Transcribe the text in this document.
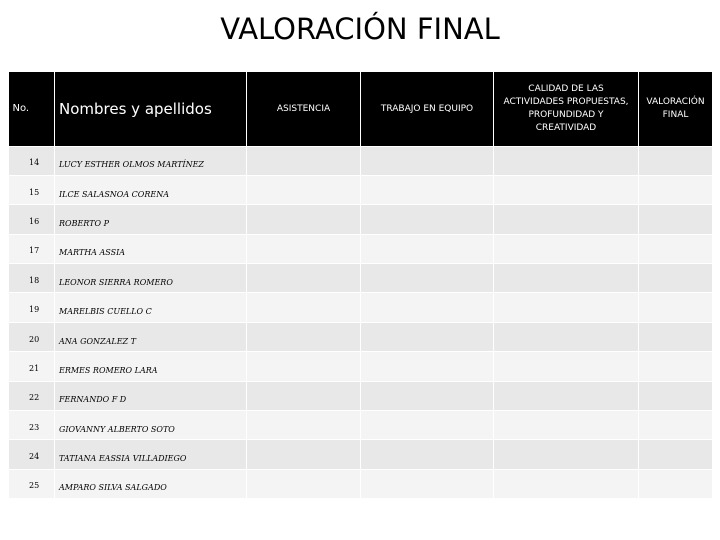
VALORACIÓN FINAL
No.	Nombres y apellidos	ASISTENCIA	TRABAJO EN EQUIPO	CALIDAD DE LAS ACTIVIDADES PROPUESTAS, PROFUNDIDAD Y CREATIVIDAD	VALORACIÓN FINAL
14	LUCY ESTHER OLMOS MARTÍNEZ				
15	ILCE SALASNOA CORENA				
16	ROBERTO P				
17	MARTHA ASSIA				
18	LEONOR SIERRA ROMERO				
19	MARELBIS CUELLO C				
20	ANA GONZALEZ T				
21	ERMES ROMERO LARA				
22	FERNANDO F D				
23	GIOVANNY ALBERTO SOTO				
24	TATIANA EASSIA VILLADIEGO				
25	AMPARO SILVA SALGADO				
